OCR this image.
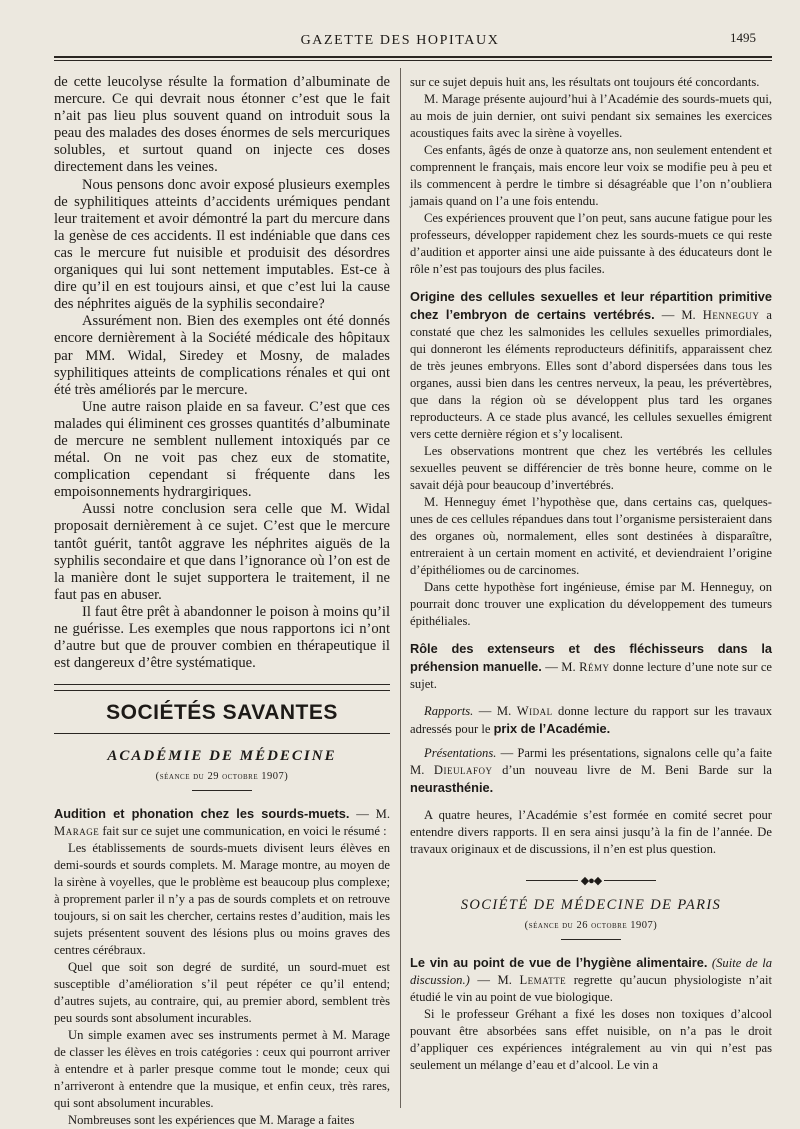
GAZETTE DES HOPITAUX	1495

de cette leucolyse résulte la formation d’albuminate de mercure. Ce qui devrait nous étonner c’est que le fait n’ait pas lieu plus souvent quand on introduit sous la peau des malades des doses énormes de sels mercuriques solubles, et surtout quand on injecte ces doses directement dans les veines.

Nous pensons donc avoir exposé plusieurs exemples de syphilitiques atteints d’accidents urémiques pendant leur traitement et avoir démontré la part du mercure dans la genèse de ces accidents. Il est indéniable que dans ces cas le mercure fut nuisible et produisit des désordres organiques qui lui sont nettement imputables. Est-ce à dire qu’il en est toujours ainsi, et que c’est lui la cause des néphrites aiguës de la syphilis secondaire?

Assurément non. Bien des exemples ont été donnés encore dernièrement à la Société médicale des hôpitaux par MM. Widal, Siredey et Mosny, de malades syphilitiques atteints de complications rénales et qui ont été très améliorés par le mercure.

Une autre raison plaide en sa faveur. C’est que ces malades qui éliminent ces grosses quantités d’albuminate de mercure ne semblent nullement intoxiqués par ce métal. On ne voit pas chez eux de stomatite, complication cependant si fréquente dans les empoisonnements hydrargiriques.

Aussi notre conclusion sera celle que M. Widal proposait dernièrement à ce sujet. C’est que le mercure tantôt guérit, tantôt aggrave les néphrites aiguës de la syphilis secondaire et que dans l’ignorance où l’on est de la manière dont le sujet supportera le traitement, il ne faut pas en abuser.

Il faut être prêt à abandonner le poison à moins qu’il ne guérisse. Les exemples que nous rapportons ici n’ont d’autre but que de prouver combien en thérapeutique il est dangereux d’être systématique.

SOCIÉTÉS SAVANTES
ACADÉMIE DE MÉDECINE
(séance du 29 octobre 1907)

Audition et phonation chez les sourds-muets. — M. Marage fait sur ce sujet une communication, en voici le résumé :

Les établissements de sourds-muets divisent leurs élèves en demi-sourds et sourds complets. M. Marage montre, au moyen de la sirène à voyelles, que le problème est beaucoup plus complexe; à proprement parler il n’y a pas de sourds complets et on retrouve toujours, si on sait les chercher, certains restes d’audition, mais les sujets présentent souvent des lésions plus ou moins graves des centres cérébraux.

Quel que soit son degré de surdité, un sourd-muet est susceptible d’amélioration s’il peut répéter ce qu’il entend; d’autres sujets, au contraire, qui, au premier abord, semblent très peu sourds sont absolument incurables.

Un simple examen avec ses instruments permet à M. Marage de classer les élèves en trois catégories : ceux qui pourront arriver à entendre et à parler presque comme tout le monde; ceux qui n’arriveront à entendre que la musique, et enfin ceux, très rares, qui sont absolument incurables.

Nombreuses sont les expériences que M. Marage a faites

sur ce sujet depuis huit ans, les résultats ont toujours été concordants.

M. Marage présente aujourd’hui à l’Académie des sourds-muets qui, au mois de juin dernier, ont suivi pendant six semaines les exercices acoustiques faits avec la sirène à voyelles.

Ces enfants, âgés de onze à quatorze ans, non seulement entendent et comprennent le français, mais encore leur voix se modifie peu à peu et ils commencent à perdre le timbre si désagréable que l’on n’oubliera jamais quand on l’a une fois entendu.

Ces expériences prouvent que l’on peut, sans aucune fatigue pour les professeurs, développer rapidement chez les sourds-muets ce qui reste d’audition et apporter ainsi une aide puissante à des éducateurs dont le rôle n’est pas toujours des plus faciles.

Origine des cellules sexuelles et leur répartition primitive chez l’embryon de certains vertébrés. — M. Henneguy a constaté que chez les salmonides les cellules sexuelles primordiales, qui donneront les éléments reproducteurs définitifs, apparaissent chez de très jeunes embryons. Elles sont d’abord dispersées dans tous les organes, aussi bien dans les centres nerveux, la peau, les prévertèbres, que dans la région où se développent plus tard les organes reproducteurs. A ce stade plus avancé, les cellules sexuelles émigrent vers cette dernière région et s’y localisent.

Les observations montrent que chez les vertébrés les cellules sexuelles peuvent se différencier de très bonne heure, comme on le savait déjà pour beaucoup d’invertébrés.

M. Henneguy émet l’hypothèse que, dans certains cas, quelques-unes de ces cellules répandues dans tout l’organisme persisteraient dans des organes où, normalement, elles sont destinées à disparaître, entreraient à un certain moment en activité, et deviendraient l’origine d’épithéliomes ou de carcinomes.

Dans cette hypothèse fort ingénieuse, émise par M. Henneguy, on pourrait donc trouver une explication du développement des tumeurs épithéliales.

Rôle des extenseurs et des fléchisseurs dans la préhension manuelle. — M. Rémy donne lecture d’une note sur ce sujet.

Rapports. — M. Widal donne lecture du rapport sur les travaux adressés pour le prix de l’Académie.

Présentations. — Parmi les présentations, signalons celle qu’a faite M. Dieulafoy d’un nouveau livre de M. Beni Barde sur la neurasthénie.

A quatre heures, l’Académie s’est formée en comité secret pour entendre divers rapports. Il en sera ainsi jusqu’à la fin de l’année. De travaux originaux et de discussions, il n’en est plus question.

◆●◆
SOCIÉTÉ DE MÉDECINE DE PARIS
(séance du 26 octobre 1907)

Le vin au point de vue de l’hygiène alimentaire. (Suite de la discussion.) — M. Lematte regrette qu’aucun physiologiste n’ait étudié le vin au point de vue biologique.

Si le professeur Gréhant a fixé les doses non toxiques d’alcool pouvant être absorbées sans effet nuisible, on n’a pas le droit d’appliquer ces expériences intégralement au vin qui n’est pas seulement un mélange d’eau et d’alcool. Le vin a
